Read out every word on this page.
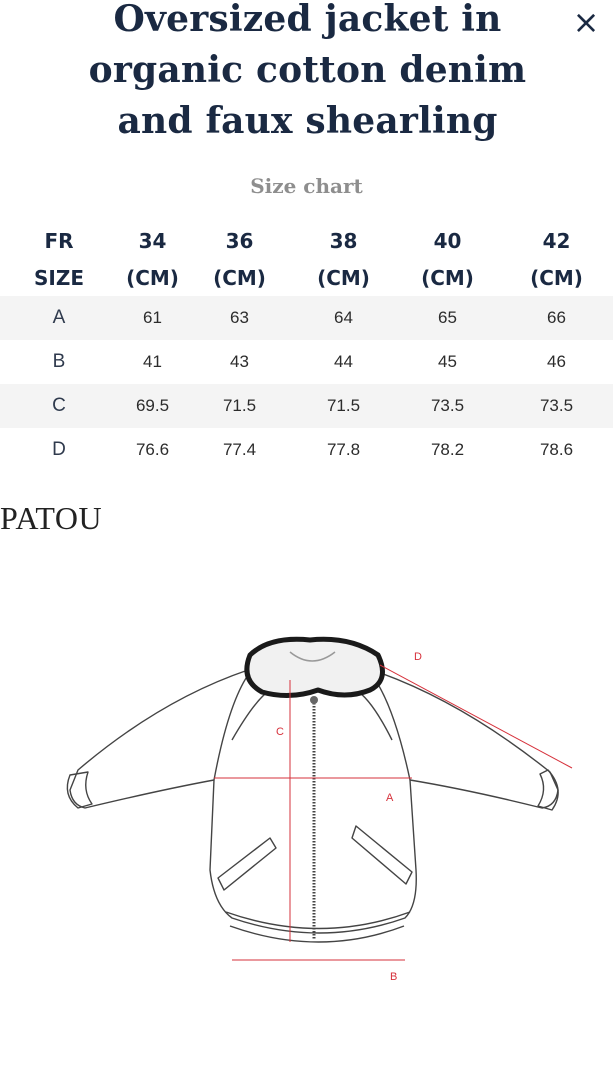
Oversized jacket in
organic cotton denim
and faux shearling
×
Size chart
FR	34	36	38	40	42
SIZE	(CM)	(CM)	(CM)	(CM)	(CM)
A	61	63	64	65	66
B	41	43	44	45	46
C	69.5	71.5	71.5	73.5	73.5
D	76.6	77.4	77.8	78.2	78.6
PATOU
A
B
C
D
